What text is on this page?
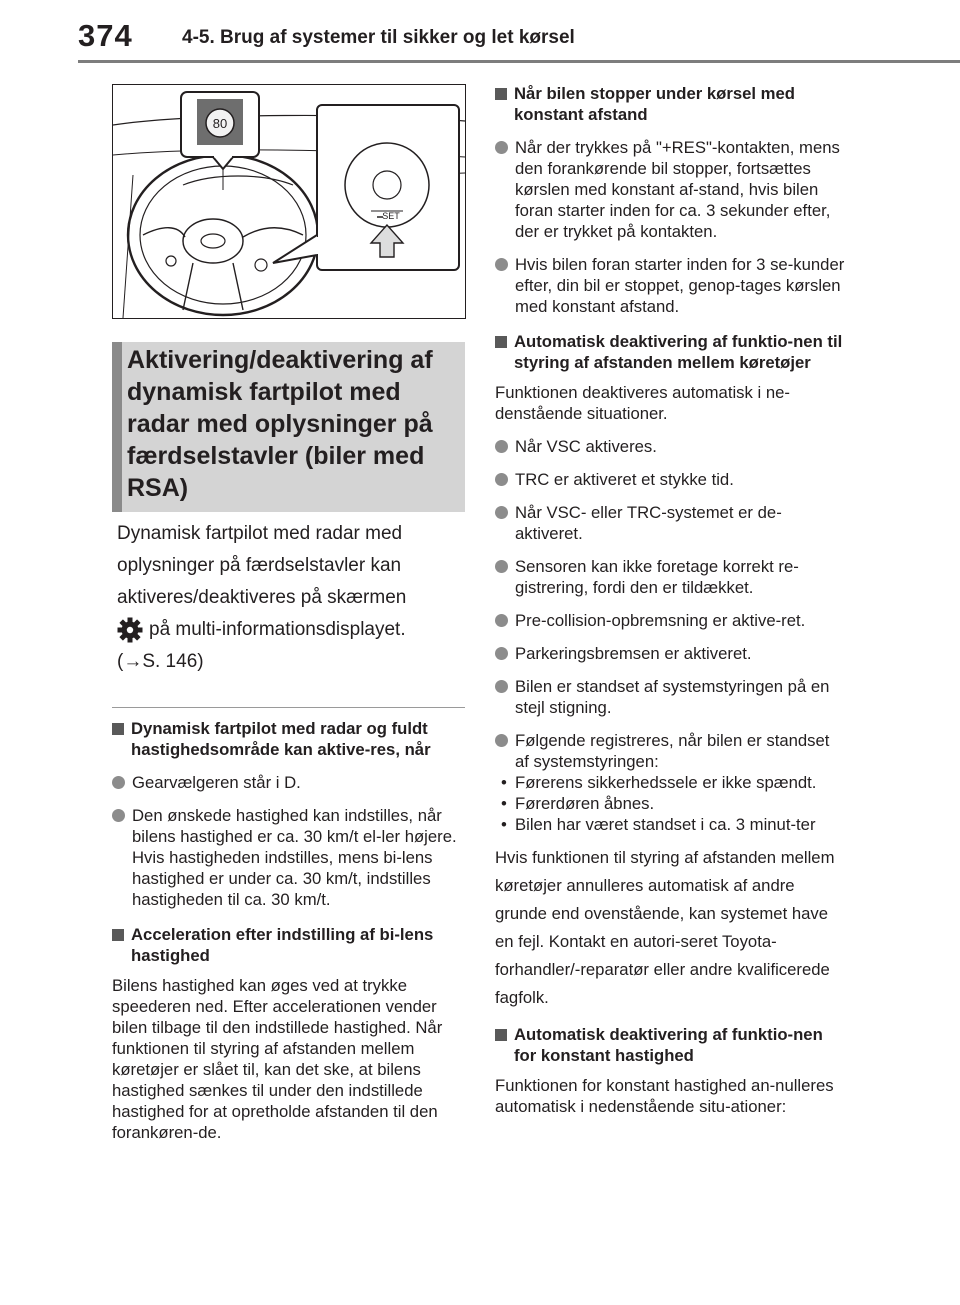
374	4-5. Brug af systemer til sikker og let kørsel
80
SET
Aktivering/deaktivering af dynamisk fartpilot med radar med oplysninger på færdselstavler (biler med RSA)

Dynamisk fartpilot med radar med

oplysninger på færdselstavler kan

aktiveres/deaktiveres på skærmen

på multi-informationsdisplayet.

(→S. 146)

Dynamisk fartpilot med radar og fuldt hastighedsområde kan aktive-res, når
Gearvælgeren står i D.
Den ønskede hastighed kan indstilles, når bilens hastighed er ca. 30 km/t el-ler højere.
Hvis hastigheden indstilles, mens bi-lens hastighed er under ca. 30 km/t, indstilles hastigheden til ca. 30 km/t.
Acceleration efter indstilling af bi-lens hastighed
Bilens hastighed kan øges ved at trykke speederen ned. Efter accelerationen vender bilen tilbage til den indstillede hastighed. Når funktionen til styring af afstanden mellem køretøjer er slået til, kan det ske, at bilens hastighed sænkes til under den indstillede hastighed for at opretholde afstanden til den forankøren-de.
Når bilen stopper under kørsel med konstant afstand
Når der trykkes på "+RES"-kontakten, mens den forankørende bil stopper, fortsættes kørslen med konstant af-stand, hvis bilen foran starter inden for ca. 3 sekunder efter, der er trykket på kontakten.
Hvis bilen foran starter inden for 3 se-kunder efter, din bil er stoppet, genop-tages kørslen med konstant afstand.
Automatisk deaktivering af funktio-nen til styring af afstanden mellem køretøjer
Funktionen deaktiveres automatisk i ne-denstående situationer.
Når VSC aktiveres.
TRC er aktiveret et stykke tid.
Når VSC- eller TRC-systemet er de-aktiveret.
Sensoren kan ikke foretage korrekt re-gistrering, fordi den er tildækket.
Pre-collision-opbremsning er aktive-ret.
Parkeringsbremsen er aktiveret.
Bilen er standset af systemstyringen på en stejl stigning.
Følgende registreres, når bilen er standset af systemstyringen:
• Førerens sikkerhedssele er ikke spændt.
• Førerdøren åbnes.
• Bilen har været standset i ca. 3 minut-ter
Hvis funktionen til styring af afstanden mellem køretøjer annulleres automatisk af andre grunde end ovenstående, kan systemet have en fejl. Kontakt en autori-seret Toyota-forhandler/-reparatør eller andre kvalificerede fagfolk.
Automatisk deaktivering af funktio-nen for konstant hastighed
Funktionen for konstant hastighed an-nulleres automatisk i nedenstående situ-ationer:
